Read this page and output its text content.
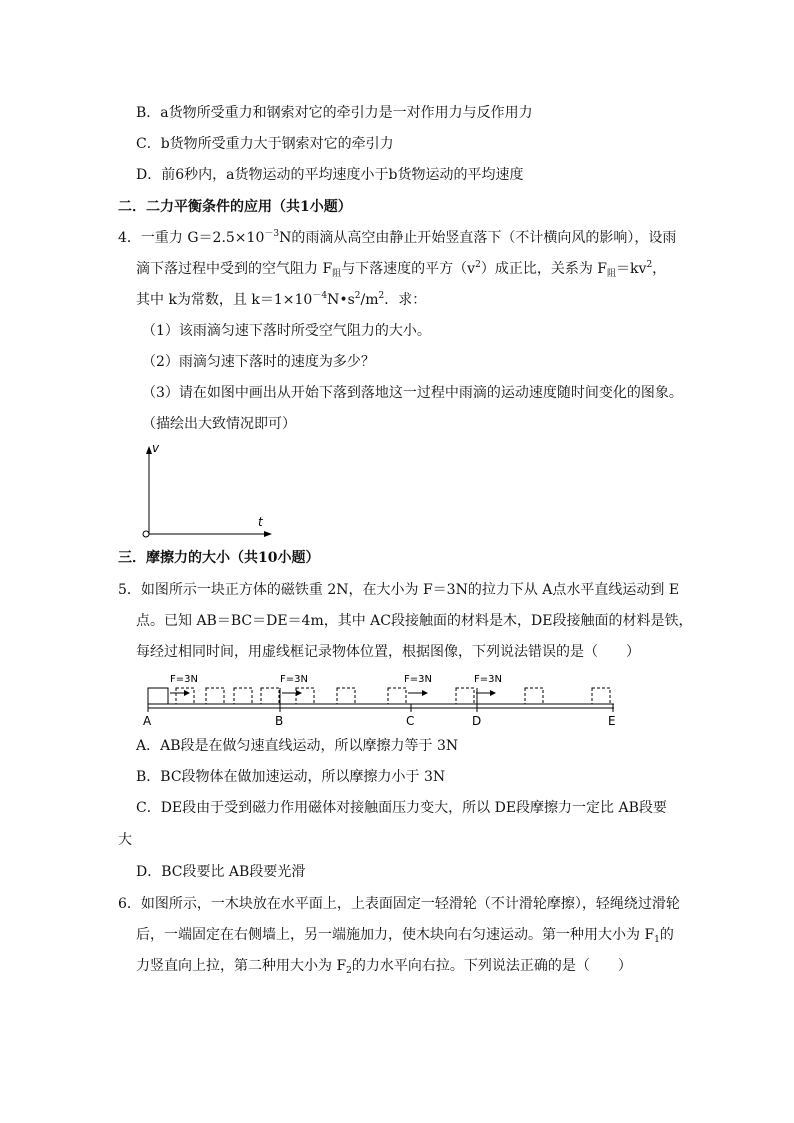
B．a货物所受重力和钢索对它的牵引力是一对作用力与反作用力
C．b货物所受重力大于钢索对它的牵引力
D．前6秒内，a货物运动的平均速度小于b货物运动的平均速度
二．二力平衡条件的应用（共1小题）
4．一重力 $G=2.5\times 10^{-3}N$的雨滴从高空由静止开始竖直落下（不计横向风的影响），设雨
滴下落过程中受到的空气阻力 $F_阻$与下落速度的平方$(v^2)$成正比，关系为 $F_阻=kv^2$，
其中 k为常数，且 $k=1\times 10^{-4}N•s^2/m^2$．求：
（1）该雨滴匀速下落时所受空气阻力的大小。
（2）雨滴匀速下落时的速度为多少？
（3）请在如图中画出从开始下落到落地这一过程中雨滴的运动速度随时间变化的图象。
（描绘出大致情况即可）
v
t
三．摩擦力的大小（共10小题）
5．如图所示一块正方体的磁铁重 2N，在大小为 F＝3N的拉力下从 A点水平直线运动到 E
点。已知 AB＝BC＝DE＝4m，其中 AC段接触面的材料是木，DE段接触面的材料是铁，
每经过相同时间，用虚线框记录物体位置，根据图像，下列说法错误的是（　　）
F=3N	F=3N	F=3N	F=3N
A	B	C	D	E
A．AB段是在做匀速直线运动，所以摩擦力等于 3N
B．BC段物体在做加速运动，所以摩擦力小于 3N
C．DE段由于受到磁力作用磁体对接触面压力变大，所以 DE段摩擦力一定比 AB段要
大
D．BC段要比 AB段要光滑
6．如图所示，一木块放在水平面上，上表面固定一轻滑轮（不计滑轮摩擦），轻绳绕过滑轮
后，一端固定在右侧墙上，另一端施加力，使木块向右匀速运动。第一种用大小为 $F_1$的
力竖直向上拉，第二种用大小为 $F_2$的力水平向右拉。下列说法正确的是（　　）
